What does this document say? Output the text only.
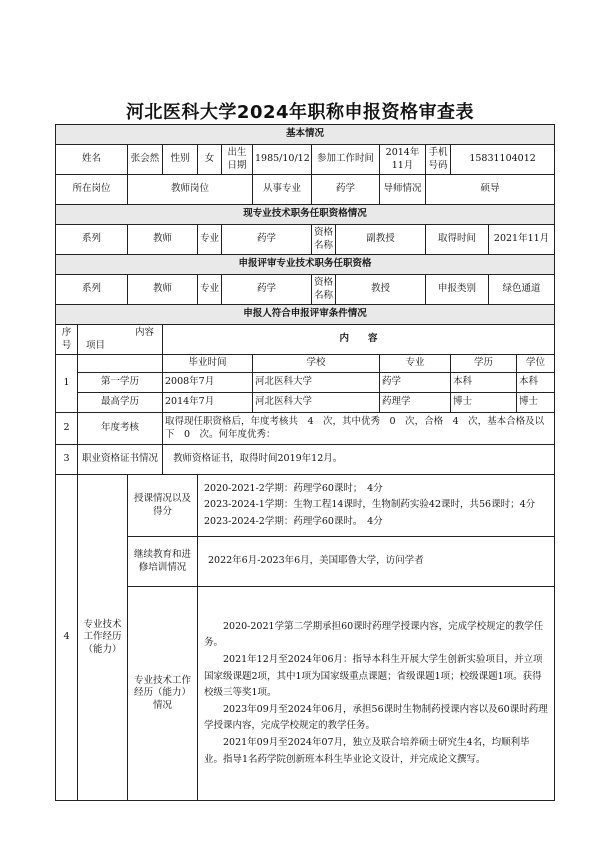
河北医科大学2024年职称申报资格审查表
基本情况													
姓名		张会然	性别	女	出生日期	1985/10/12	参加工作时间		2014年11月	手机号码	15831104012		
所在岗位		教师岗位				从事专业	药学		导师情况	硕导			
现专业技术职务任职资格情况													
系列		教师		专业	药学		资格名称	副教授		取得时间		2021年11月	
申报评审专业技术职务任职资格													
系列		教师		专业	药学		资格名称	教授		申报类别		绿色通道	
申报人符合申报评审条件情况													
序号	内容
项目		内　　容										
1			毕业时间			学校			专业		学历		学位
	第一学历		2008年7月			河北医科大学			药学		本科		本科
	最高学历		2014年7月			河北医科大学			药理学		博士		博士
2	年度考核		取得现任职资格后，年度考核共　4　次，其中优秀　0　次，合格　4　次，基本合格及以下　0　次。何年度优秀：										
3	职业资格证书情况		教师资格证书，取得时间2019年12月。										
4	专业技术工作经历（能力）	授课情况以及得分		2020-2021-2学期：药理学60课时；　4分
2023-2024-1学期：生物工程14课时，生物制药实验42课时，共56课时；4分
2023-2024-2学期：药理学60课时。　4分									

		继续教育和进修培训情况		2022年6月-2023年6月，美国耶鲁大学，访问学者									
		专业技术工作经历（能力）情况		2020-2021学第二学期承担60课时药理学授课内容，完成学校规定的教学任务。
2021年12月至2024年06月：指导本科生开展大学生创新实验项目，并立项国家级课题2项，其中1项为国家级重点课题；省级课题1项；校级课题1项。获得校级三等奖1项。
2023年09月至2024年06月，承担56课时生物制药授课内容以及60课时药理学授课内容，完成学校规定的教学任务。
2021年09月至2024年07月，独立及联合培养硕士研究生4名，均顺利毕业。指导1名药学院创新班本科生毕业论文设计，并完成论文撰写。									
